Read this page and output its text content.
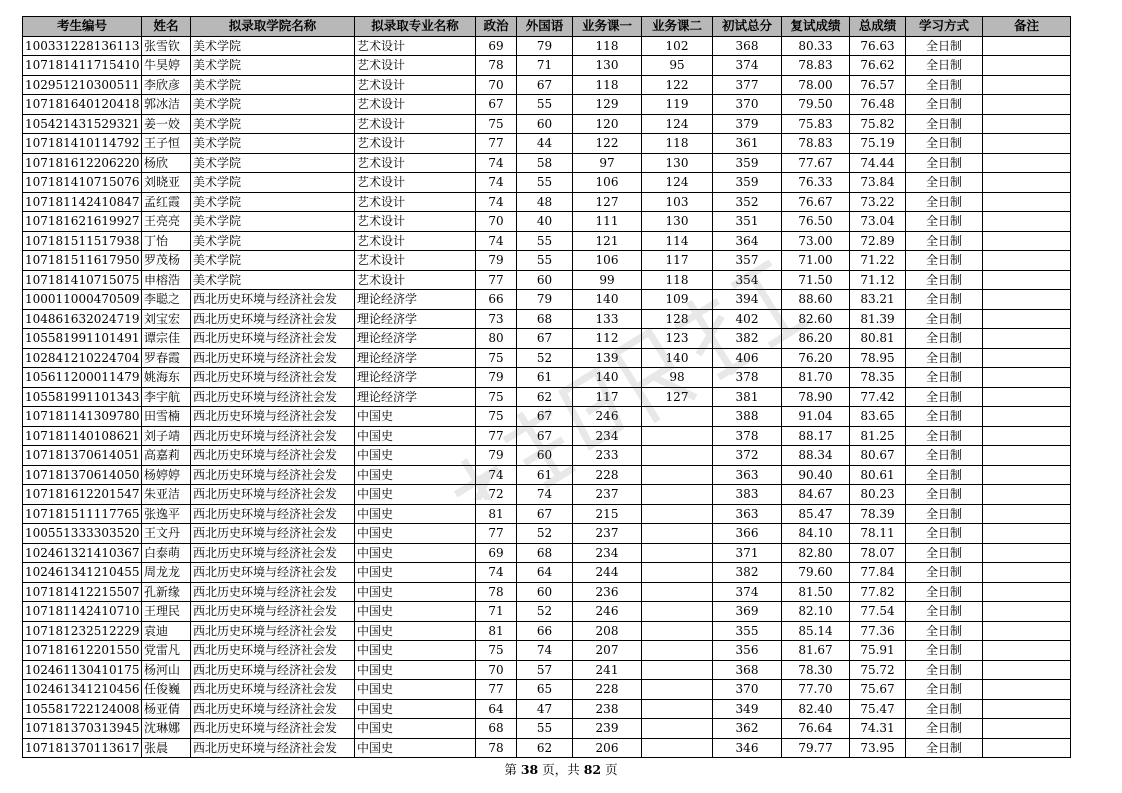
考生编号	姓名	拟录取学院名称	拟录取专业名称	政治	外国语	业务课一	业务课二	初试总分	复试成绩	总成绩	学习方式	备注
100331228136113	张雪钦	美术学院	艺术设计	69	79	118	102	368	80.33	76.63	全日制	
107181411715410	牛昊婷	美术学院	艺术设计	78	71	130	95	374	78.83	76.62	全日制	
102951210300511	李欣彦	美术学院	艺术设计	70	67	118	122	377	78.00	76.57	全日制	
107181640120418	郭冰洁	美术学院	艺术设计	67	55	129	119	370	79.50	76.48	全日制	
105421431529321	姜一姣	美术学院	艺术设计	75	60	120	124	379	75.83	75.82	全日制	
107181410114792	王子恒	美术学院	艺术设计	77	44	122	118	361	78.83	75.19	全日制	
107181612206220	杨欣	美术学院	艺术设计	74	58	97	130	359	77.67	74.44	全日制	
107181410715076	刘晓亚	美术学院	艺术设计	74	55	106	124	359	76.33	73.84	全日制	
107181142410847	孟红霞	美术学院	艺术设计	74	48	127	103	352	76.67	73.22	全日制	
107181621619927	王亮亮	美术学院	艺术设计	70	40	111	130	351	76.50	73.04	全日制	
107181511517938	丁怡	美术学院	艺术设计	74	55	121	114	364	73.00	72.89	全日制	
107181511617950	罗茂杨	美术学院	艺术设计	79	55	106	117	357	71.00	71.22	全日制	
107181410715075	申榕浩	美术学院	艺术设计	77	60	99	118	354	71.50	71.12	全日制	
100011000470509	李聪之	西北历史环境与经济社会发	理论经济学	66	79	140	109	394	88.60	83.21	全日制	
104861632024719	刘宝宏	西北历史环境与经济社会发	理论经济学	73	68	133	128	402	82.60	81.39	全日制	
105581991101491	谭宗佳	西北历史环境与经济社会发	理论经济学	80	67	112	123	382	86.20	80.81	全日制	
102841210224704	罗春霞	西北历史环境与经济社会发	理论经济学	75	52	139	140	406	76.20	78.95	全日制	
105611200011479	姚海东	西北历史环境与经济社会发	理论经济学	79	61	140	98	378	81.70	78.35	全日制	
105581991101343	李宇航	西北历史环境与经济社会发	理论经济学	75	62	117	127	381	78.90	77.42	全日制	
107181141309780	田雪楠	西北历史环境与经济社会发	中国史	75	67	246		388	91.04	83.65	全日制	
107181140108621	刘子靖	西北历史环境与经济社会发	中国史	77	67	234		378	88.17	81.25	全日制	
107181370614051	高嘉莉	西北历史环境与经济社会发	中国史	79	60	233		372	88.34	80.67	全日制	
107181370614050	杨婷婷	西北历史环境与经济社会发	中国史	74	61	228		363	90.40	80.61	全日制	
107181612201547	朱亚洁	西北历史环境与经济社会发	中国史	72	74	237		383	84.67	80.23	全日制	
107181511117765	张逸平	西北历史环境与经济社会发	中国史	81	67	215		363	85.47	78.39	全日制	
100551333303520	王文丹	西北历史环境与经济社会发	中国史	77	52	237		366	84.10	78.11	全日制	
102461321410367	白泰萌	西北历史环境与经济社会发	中国史	69	68	234		371	82.80	78.07	全日制	
102461341210455	周龙龙	西北历史环境与经济社会发	中国史	74	64	244		382	79.60	77.84	全日制	
107181412215507	孔新缘	西北历史环境与经济社会发	中国史	78	60	236		374	81.50	77.82	全日制	
107181142410710	王理民	西北历史环境与经济社会发	中国史	71	52	246		369	82.10	77.54	全日制	
107181232512229	袁迪	西北历史环境与经济社会发	中国史	81	66	208		355	85.14	77.36	全日制	
107181612201550	党雷凡	西北历史环境与经济社会发	中国史	75	74	207		356	81.67	75.91	全日制	
102461130410175	杨河山	西北历史环境与经济社会发	中国史	70	57	241		368	78.30	75.72	全日制	
102461341210456	任俊巍	西北历史环境与经济社会发	中国史	77	65	228		370	77.70	75.67	全日制	
105581722124008	杨亚倩	西北历史环境与经济社会发	中国史	64	47	238		349	82.40	75.47	全日制	
107181370313945	沈琳娜	西北历史环境与经济社会发	中国史	68	55	239		362	76.64	74.31	全日制	
107181370113617	张晨	西北历史环境与经济社会发	中国史	78	62	206		346	79.77	73.95	全日制	
第 38 页，共 82 页
